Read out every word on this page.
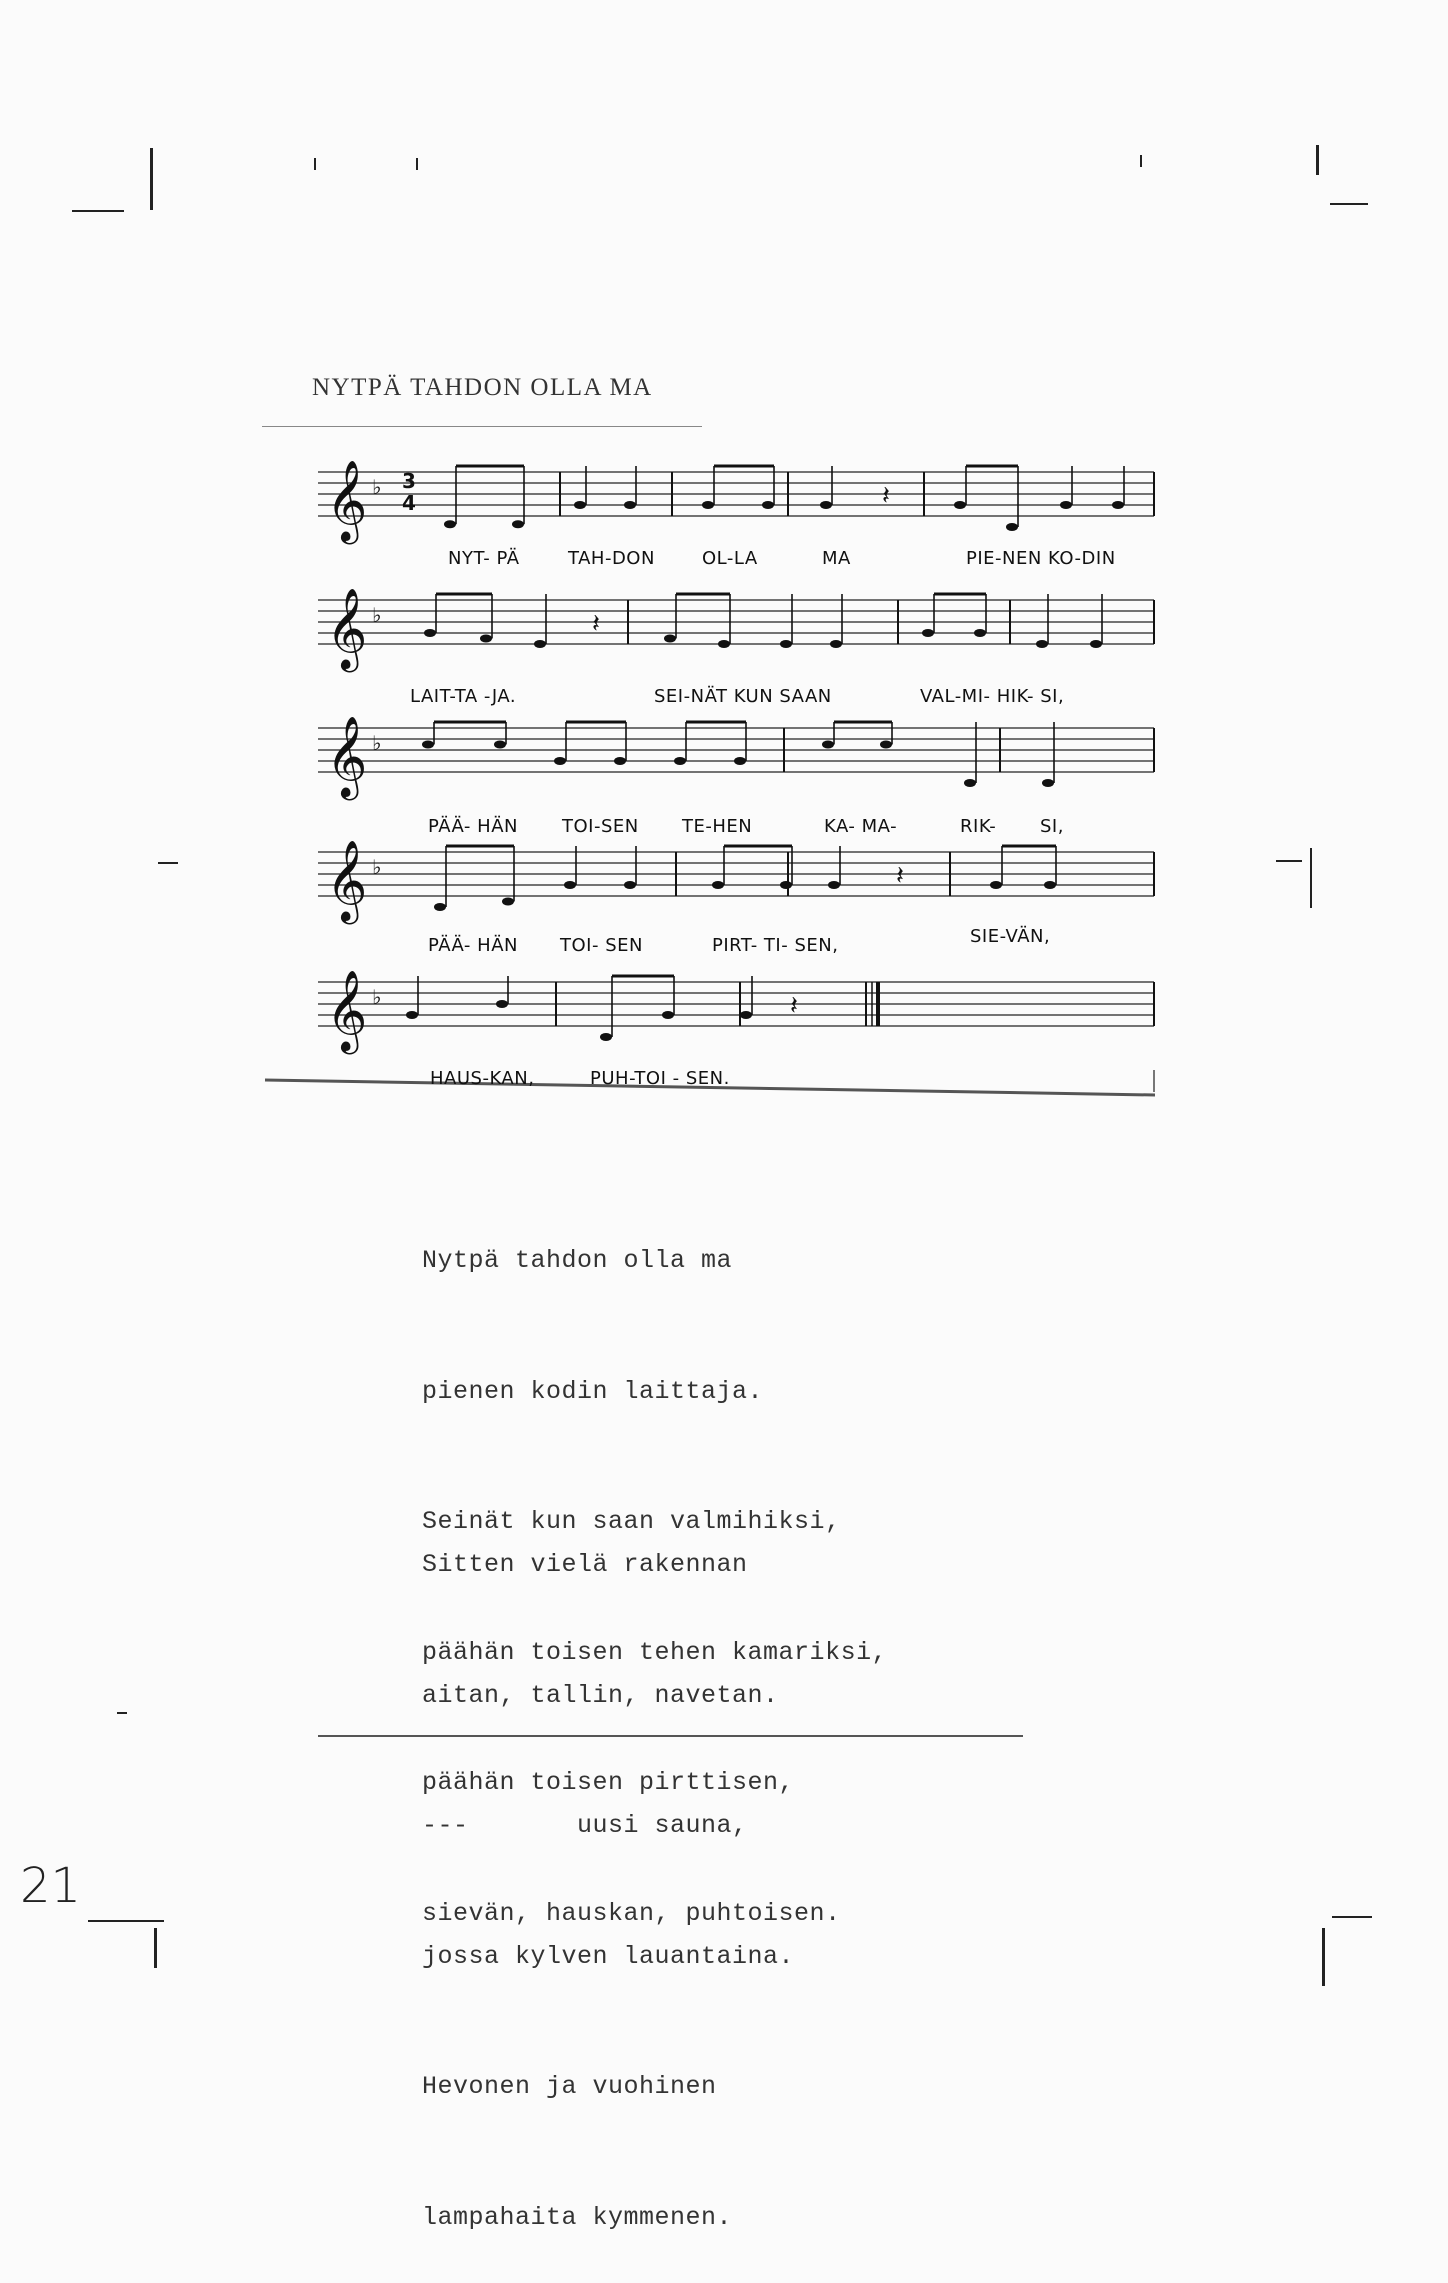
NYTPÄ TAHDON OLLA MA
𝄞 ♭
𝄞 ♭
𝄞 ♭
𝄞 ♭
𝄞 ♭
3
4	𝄽
𝄽
𝄽
𝄽
NYT- PÄ	TAH-DON	OL-LA	MA	PIE-NEN KO-DIN
LAIT-TA -JA.	SEI-NÄT KUN SAAN	VAL-MI- HIK- SI,
PÄÄ- HÄN TOI-SEN TE-HEN	KA- MA-	RIK- SI,
PÄÄ- HÄN TOI- SEN	PIRT- TI- SEN,	SIE-VÄN,
HAUS-KAN,	PUH-TOI - SEN.

Nytpä tahdon olla ma

pienen kodin laittaja.

Seinät kun saan valmihiksi,

päähän toisen tehen kamariksi,

päähän toisen pirttisen,

sievän, hauskan, puhtoisen.

Sitten vielä rakennan

aitan, tallin, navetan.

---       uusi sauna,

jossa kylven lauantaina.

Hevonen ja vuohinen

lampahaita kymmenen.

21
